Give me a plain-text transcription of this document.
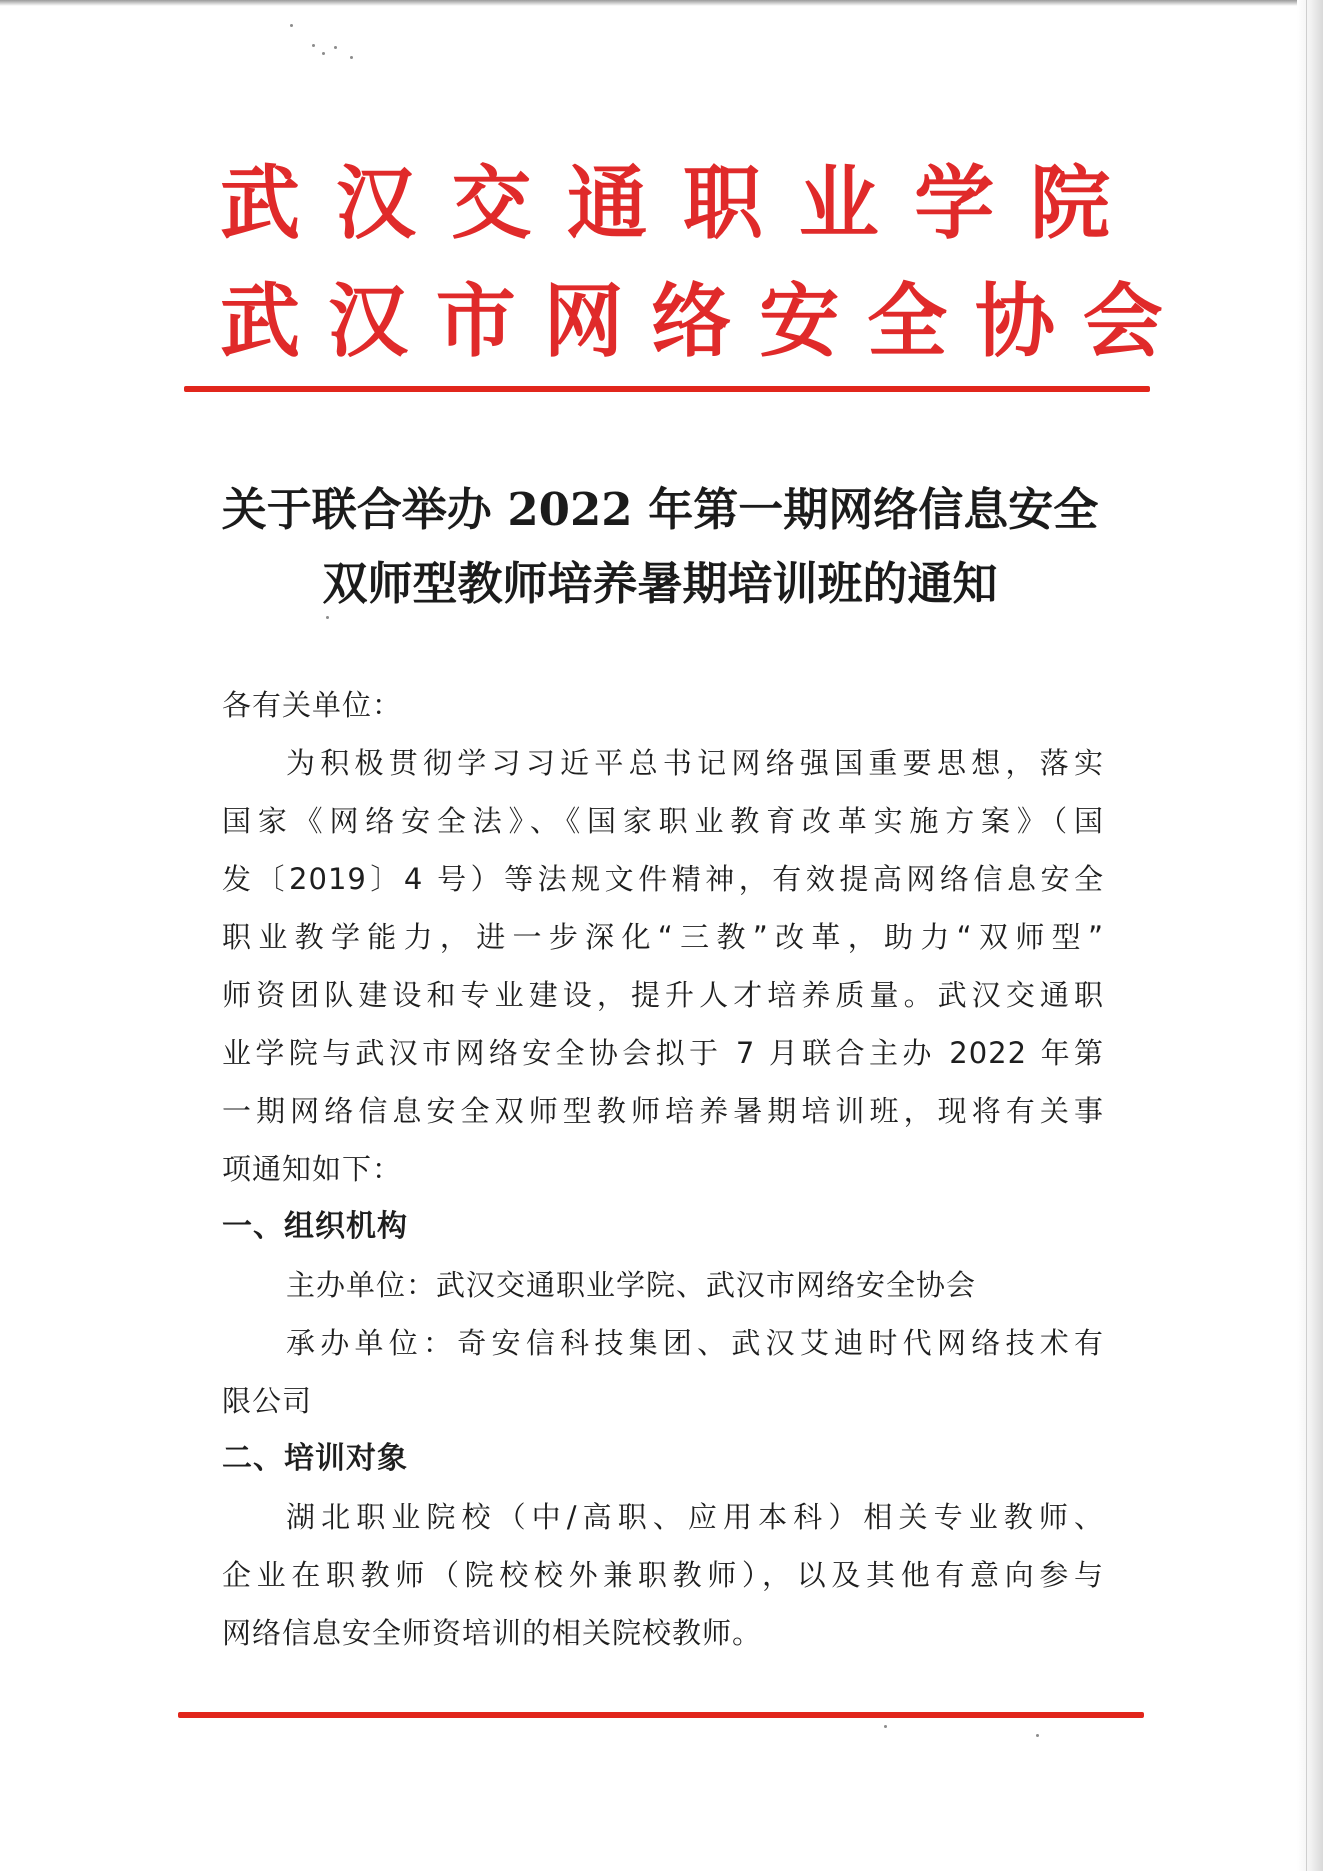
武 汉 交 通 职 业 学 院
武 汉 市 网 络 安 全 协 会
关于联合举办 2022 年第一期网络信息安全
双师型教师培养暑期培训班的通知

各有关单位：

为积极贯彻学习习近平总书记网络强国重要思想，落实

国家《网络安全法》、《国家职业教育改革实施方案》（国

发〔2019〕4 号）等法规文件精神，有效提高网络信息安全

职业教学能力，进一步深化“三教”改革，助力“双师型”

师资团队建设和专业建设，提升人才培养质量。武汉交通职

业学院与武汉市网络安全协会拟于 7 月联合主办 2022 年第

一期网络信息安全双师型教师培养暑期培训班，现将有关事

项通知如下：

一、组织机构

主办单位：武汉交通职业学院、武汉市网络安全协会

承办单位：奇安信科技集团、武汉艾迪时代网络技术有

限公司

二、培训对象

湖北职业院校（中/高职、应用本科）相关专业教师、

企业在职教师（院校校外兼职教师），以及其他有意向参与

网络信息安全师资培训的相关院校教师。
